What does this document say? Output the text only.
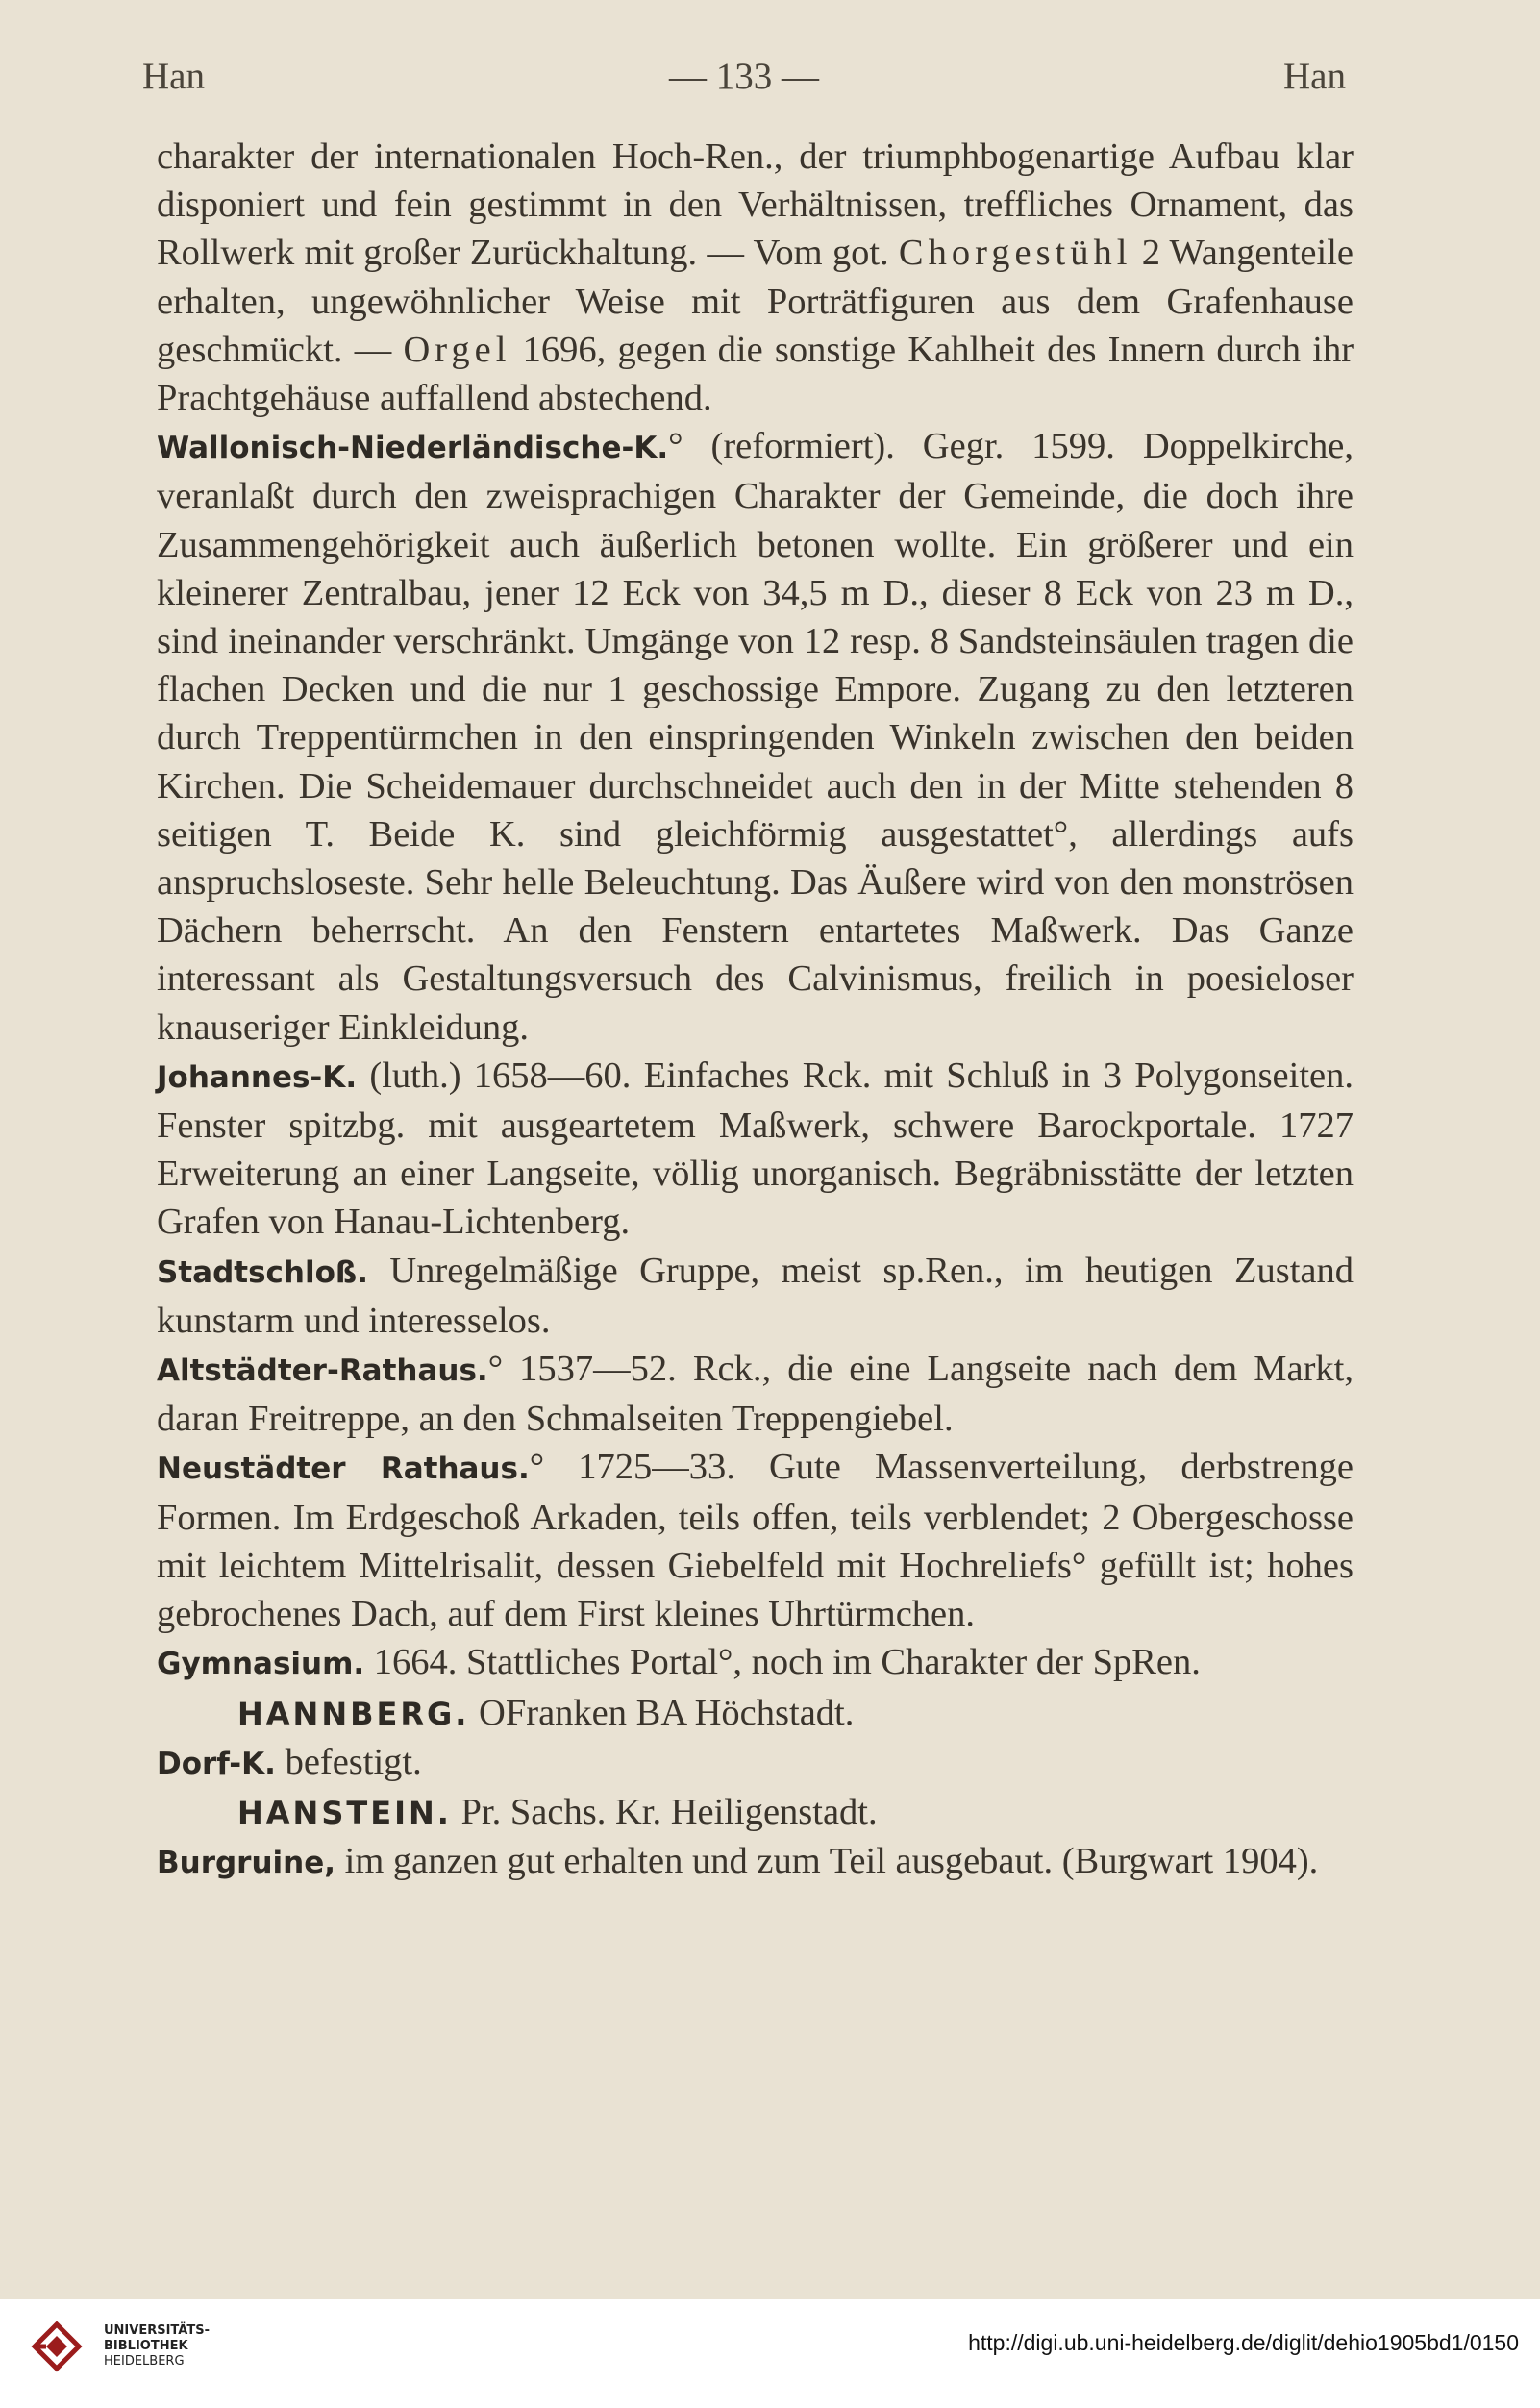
Han	— 133 —	Han

charakter der internationalen Hoch-Ren., der triumphbogenartige Aufbau klar disponiert und fein gestimmt in den Verhältnissen, treffliches Ornament, das Rollwerk mit großer Zurückhaltung. — Vom got. Chorgestühl 2 Wangenteile erhalten, ungewöhnlicher Weise mit Porträtfiguren aus dem Grafenhause geschmückt. — Orgel 1696, gegen die sonstige Kahlheit des Innern durch ihr Prachtgehäuse auffallend abstechend.

Wallonisch-Niederländische-K.° (reformiert). Gegr. 1599. Doppelkirche, veranlaßt durch den zweisprachigen Charakter der Gemeinde, die doch ihre Zusammengehörigkeit auch äußerlich betonen wollte. Ein größerer und ein kleinerer Zentralbau, jener 12 Eck von 34,5 m D., dieser 8 Eck von 23 m D., sind ineinander verschränkt. Umgänge von 12 resp. 8 Sandsteinsäulen tragen die flachen Decken und die nur 1 geschossige Empore. Zugang zu den letzteren durch Treppentürmchen in den einspringenden Winkeln zwischen den beiden Kirchen. Die Scheidemauer durchschneidet auch den in der Mitte stehenden 8 seitigen T. Beide K. sind gleichförmig ausgestattet°, allerdings aufs anspruchsloseste. Sehr helle Beleuchtung. Das Äußere wird von den monströsen Dächern beherrscht. An den Fenstern entartetes Maßwerk. Das Ganze interessant als Gestaltungsversuch des Calvinismus, freilich in poesieloser knauseriger Einkleidung.

Johannes-K. (luth.) 1658—60. Einfaches Rck. mit Schluß in 3 Polygonseiten. Fenster spitzbg. mit ausgeartetem Maßwerk, schwere Barockportale. 1727 Erweiterung an einer Langseite, völlig unorganisch. Begräbnisstätte der letzten Grafen von Hanau-Lichtenberg.

Stadtschloß. Unregelmäßige Gruppe, meist sp.Ren., im heutigen Zustand kunstarm und interesselos.

Altstädter-Rathaus.° 1537—52. Rck., die eine Langseite nach dem Markt, daran Freitreppe, an den Schmalseiten Treppengiebel.

Neustädter Rathaus.° 1725—33. Gute Massenverteilung, derbstrenge Formen. Im Erdgeschoß Arkaden, teils offen, teils verblendet; 2 Obergeschosse mit leichtem Mittelrisalit, dessen Giebelfeld mit Hochreliefs° gefüllt ist; hohes gebrochenes Dach, auf dem First kleines Uhrtürmchen.

Gymnasium. 1664. Stattliches Portal°, noch im Charakter der SpRen.

HANNBERG. OFranken BA Höchstadt.

Dorf-K. befestigt.

HANSTEIN. Pr. Sachs. Kr. Heiligenstadt.

Burgruine, im ganzen gut erhalten und zum Teil ausgebaut. (Burgwart 1904).

UNIVERSITÄTS-
BIBLIOTHEK
HEIDELBERG
http://digi.ub.uni-heidelberg.de/diglit/dehio1905bd1/0150
